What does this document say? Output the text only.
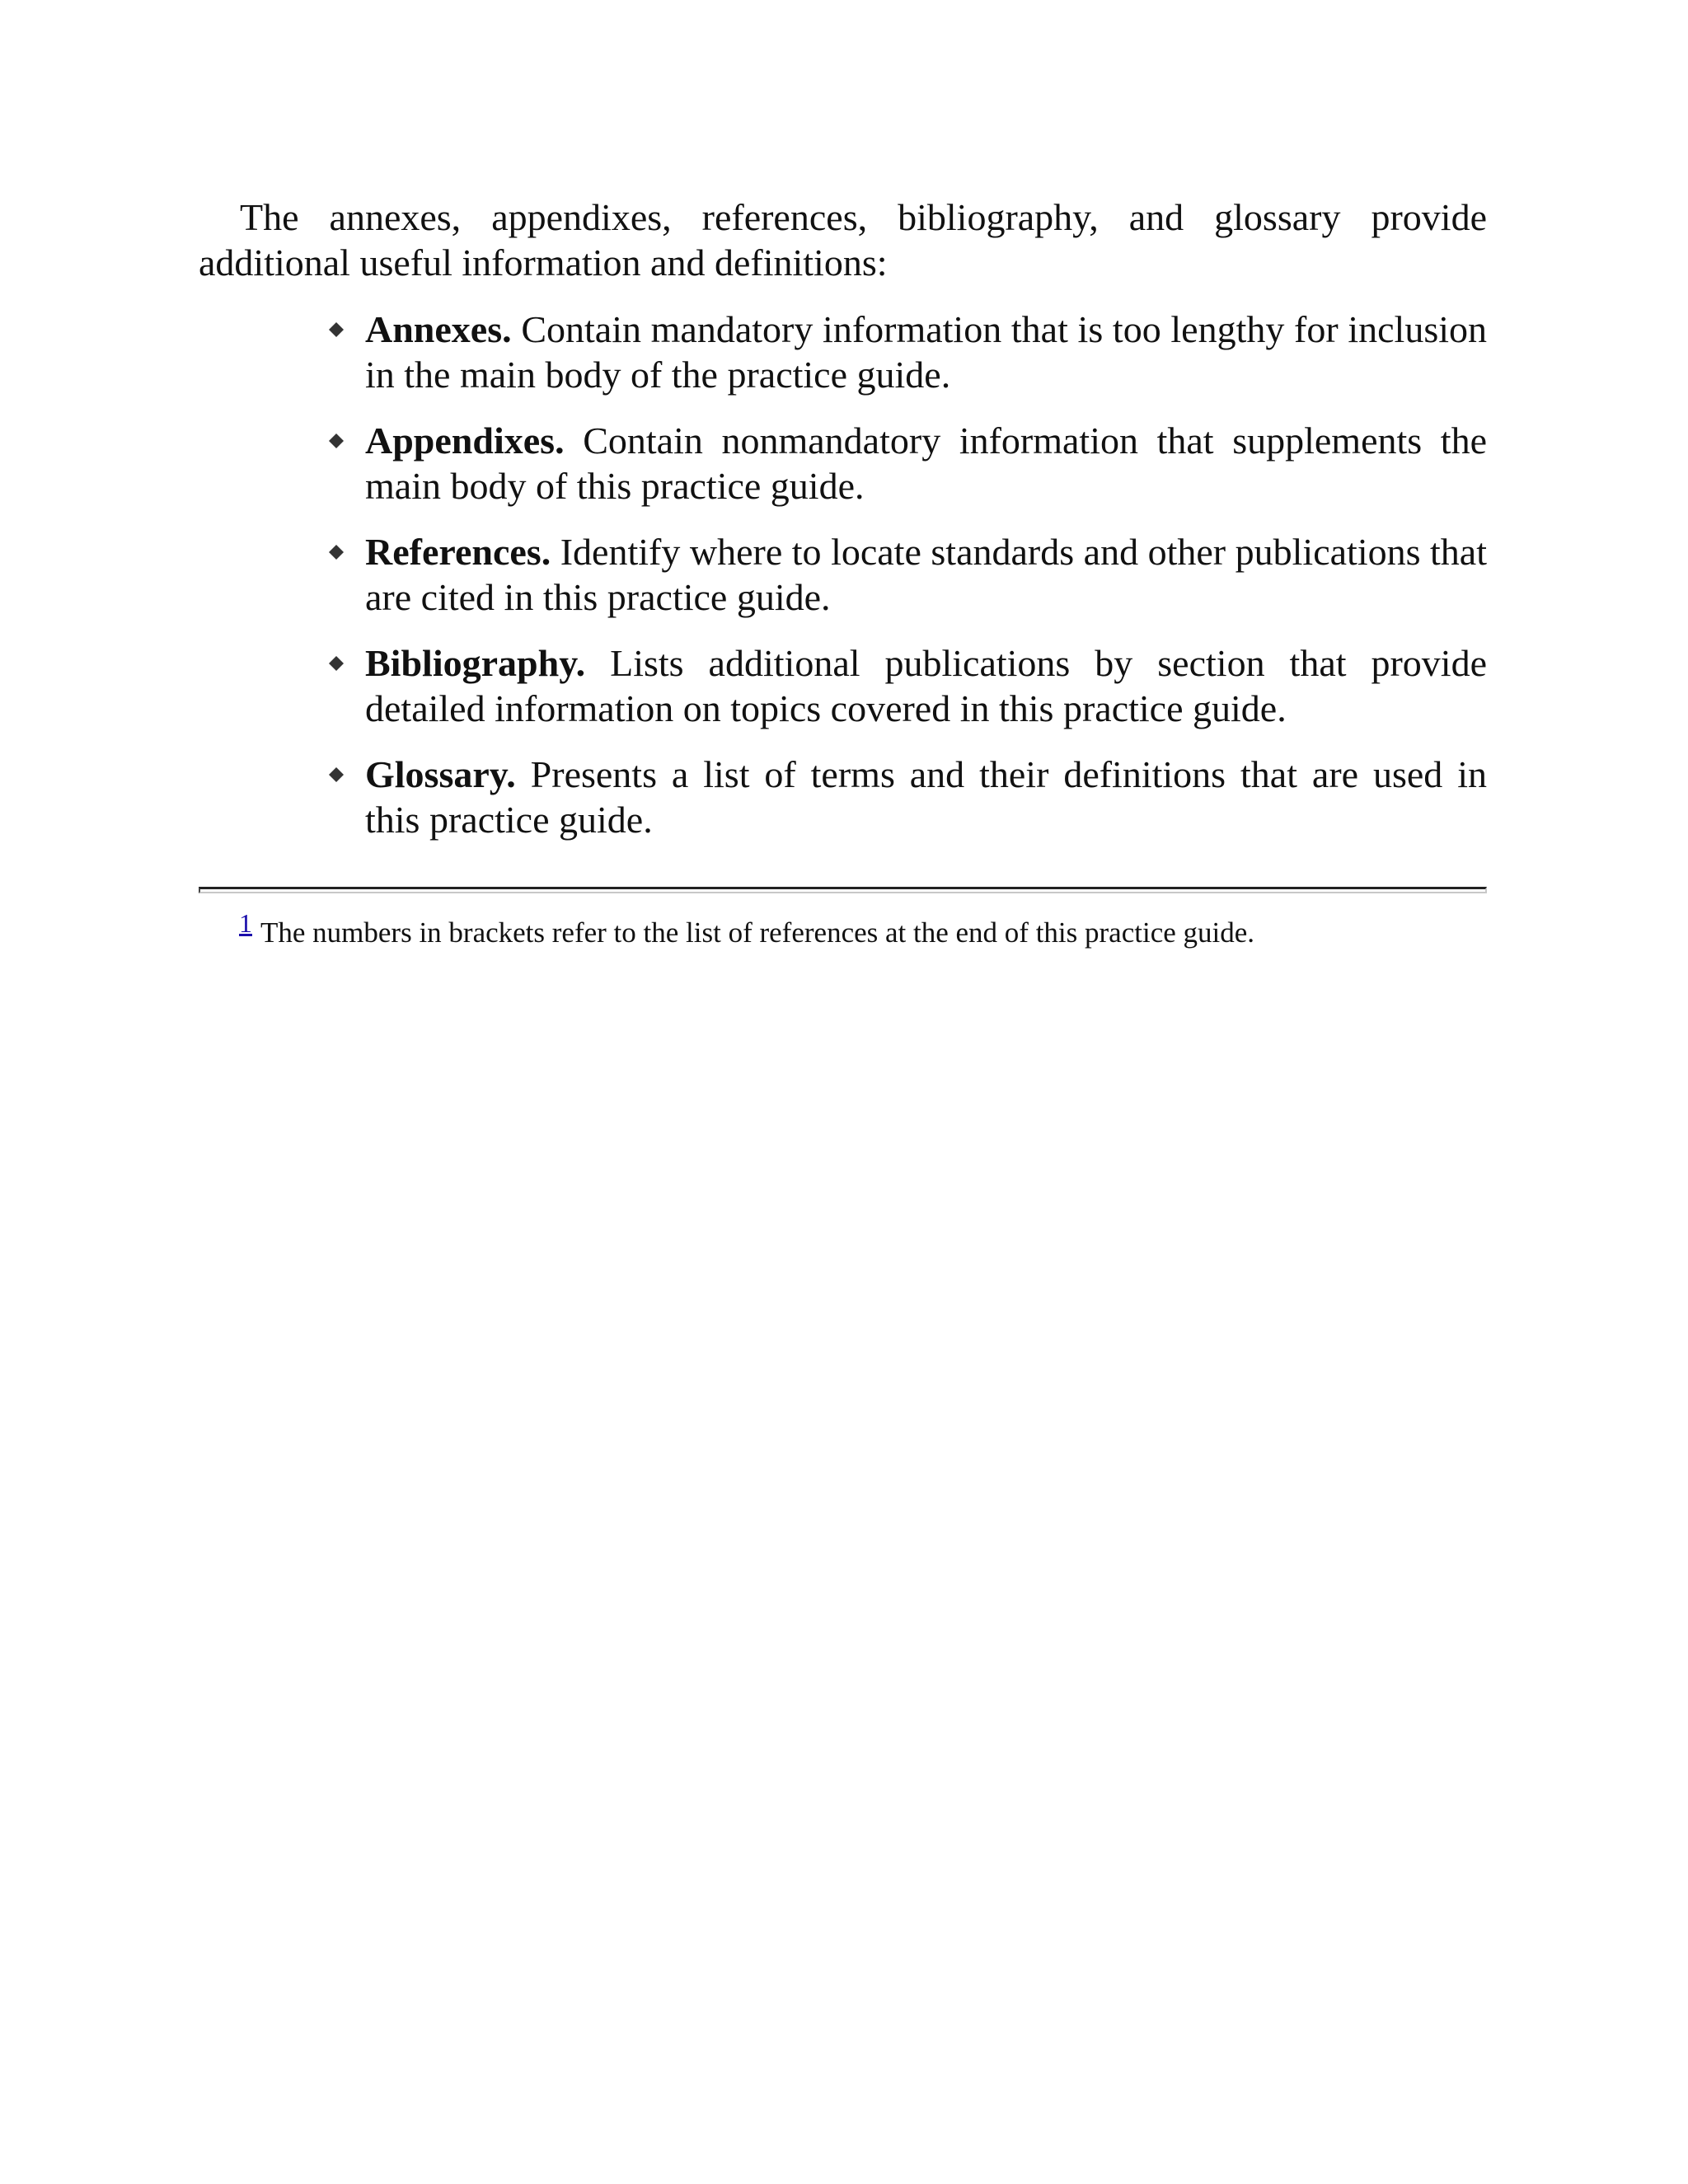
The annexes, appendixes, references, bibliography, and glossary provide additional useful information and definitions:

Annexes. Contain mandatory information that is too lengthy for inclusion in the main body of the practice guide.
Appendixes. Contain nonmandatory information that supplements the main body of this practice guide.
References. Identify where to locate standards and other publications that are cited in this practice guide.
Bibliography. Lists additional publications by section that provide detailed information on topics covered in this practice guide.
Glossary. Presents a list of terms and their definitions that are used in this practice guide.

1 The numbers in brackets refer to the list of references at the end of this practice guide.
